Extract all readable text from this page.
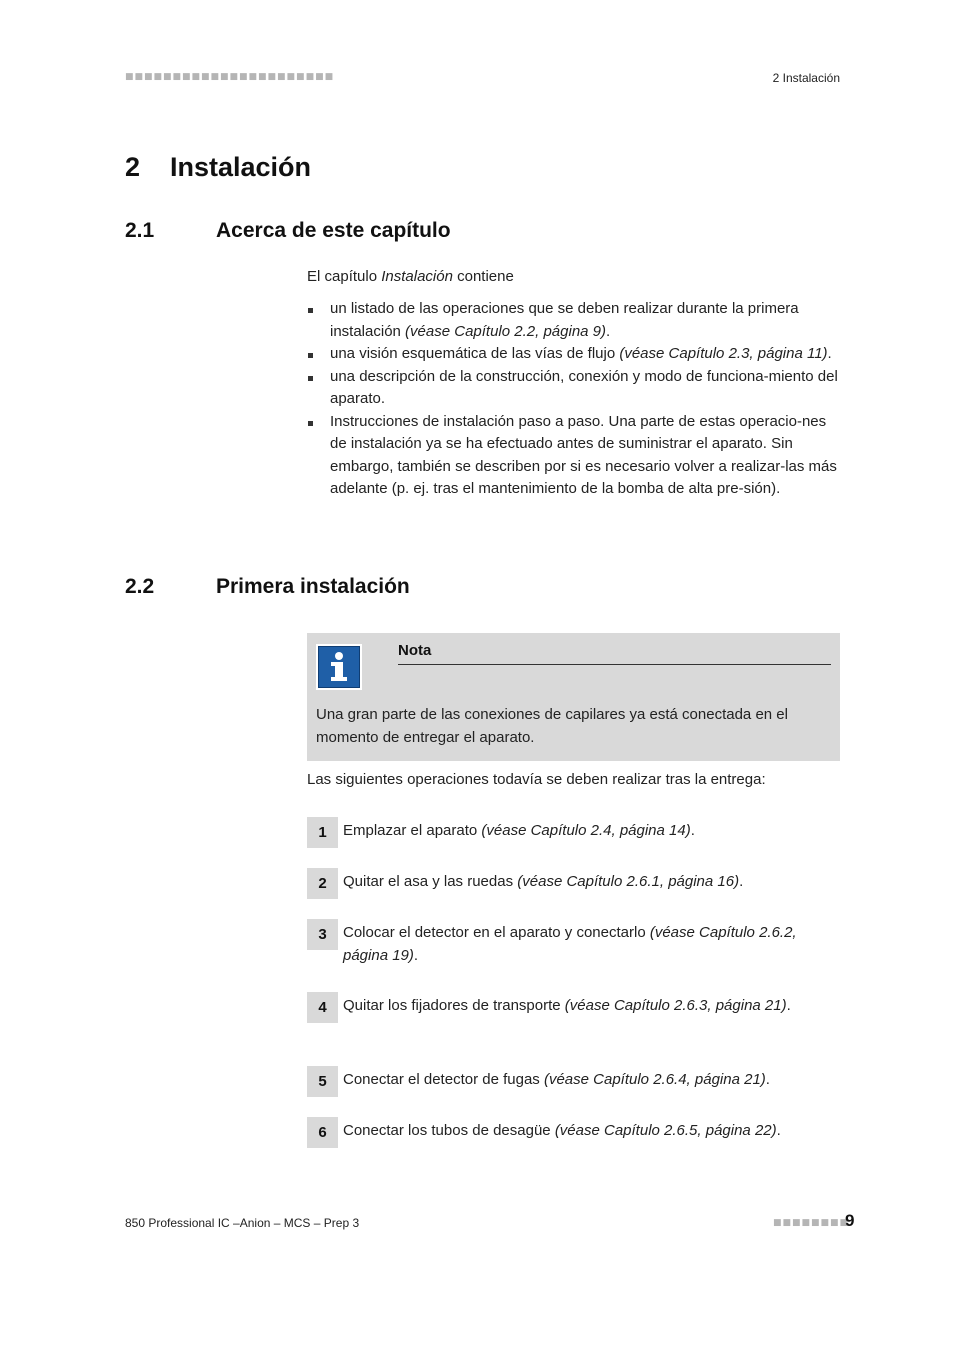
■■■■■■■■■■■■■■■■■■■■■■	2 Instalación
2 Instalación
2.1	Acerca de este capítulo
El capítulo Instalación contiene
un listado de las operaciones que se deben realizar durante la primera instalación (véase Capítulo 2.2, página 9).
una visión esquemática de las vías de flujo (véase Capítulo 2.3, página 11).
una descripción de la construcción, conexión y modo de funciona-miento del aparato.
Instrucciones de instalación paso a paso. Una parte de estas operacio-nes de instalación ya se ha efectuado antes de suministrar el aparato. Sin embargo, también se describen por si es necesario volver a realizar-las más adelante (p. ej. tras el mantenimiento de la bomba de alta pre-sión).
2.2	Primera instalación
Nota
Una gran parte de las conexiones de capilares ya está conectada en el momento de entregar el aparato.
Las siguientes operaciones todavía se deben realizar tras la entrega:
1	Emplazar el aparato (véase Capítulo 2.4, página 14).
2	Quitar el asa y las ruedas (véase Capítulo 2.6.1, página 16).
3	Colocar el detector en el aparato y conectarlo (véase Capítulo 2.6.2, página 19).
4	Quitar los fijadores de transporte (véase Capítulo 2.6.3, página 21).
5	Conectar el detector de fugas (véase Capítulo 2.6.4, página 21).
6	Conectar los tubos de desagüe (véase Capítulo 2.6.5, página 22).
850 Professional IC –Anion – MCS – Prep 3	■■■■■■■■
9
